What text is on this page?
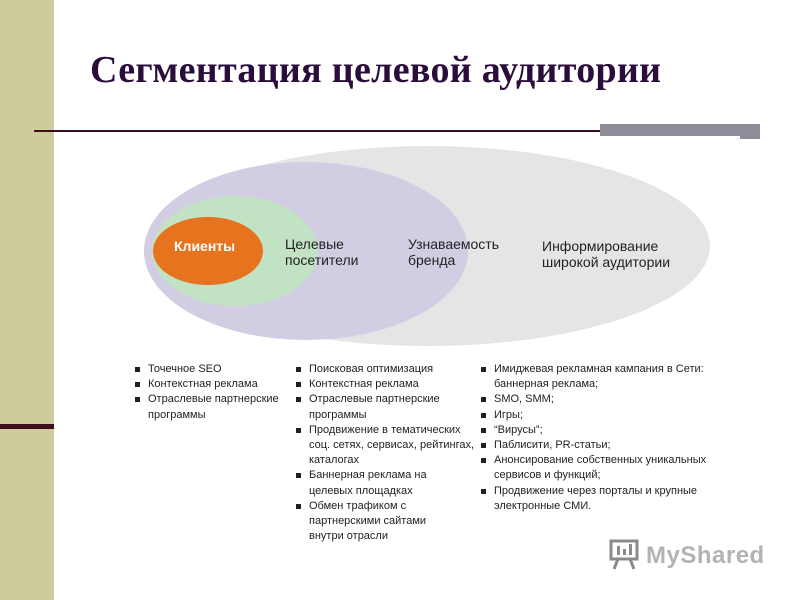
Сегментация целевой аудитории
Клиенты	Целевые
посетители
Узнаваемость
бренда
Информирование
широкой аудитории
Точечное SEO
Контекстная реклама
Отраслевые партнерские программы
Поисковая оптимизация
Контекстная реклама
Отраслевые партнерские программы
Продвижение в тематических соц. сетях, сервисах, рейтингах, каталогах
Баннерная реклама на целевых площадках
Обмен трафиком с партнерскими сайтами внутри отрасли
Имиджевая рекламная кампания в Сети: баннерная реклама;
SMO, SMM;
Игры;
“Вирусы”;
Паблисити, PR-статьи;
Анонсирование собственных уникальных сервисов и функций;
Продвижение через порталы и крупные электронные СМИ.
MyShared
